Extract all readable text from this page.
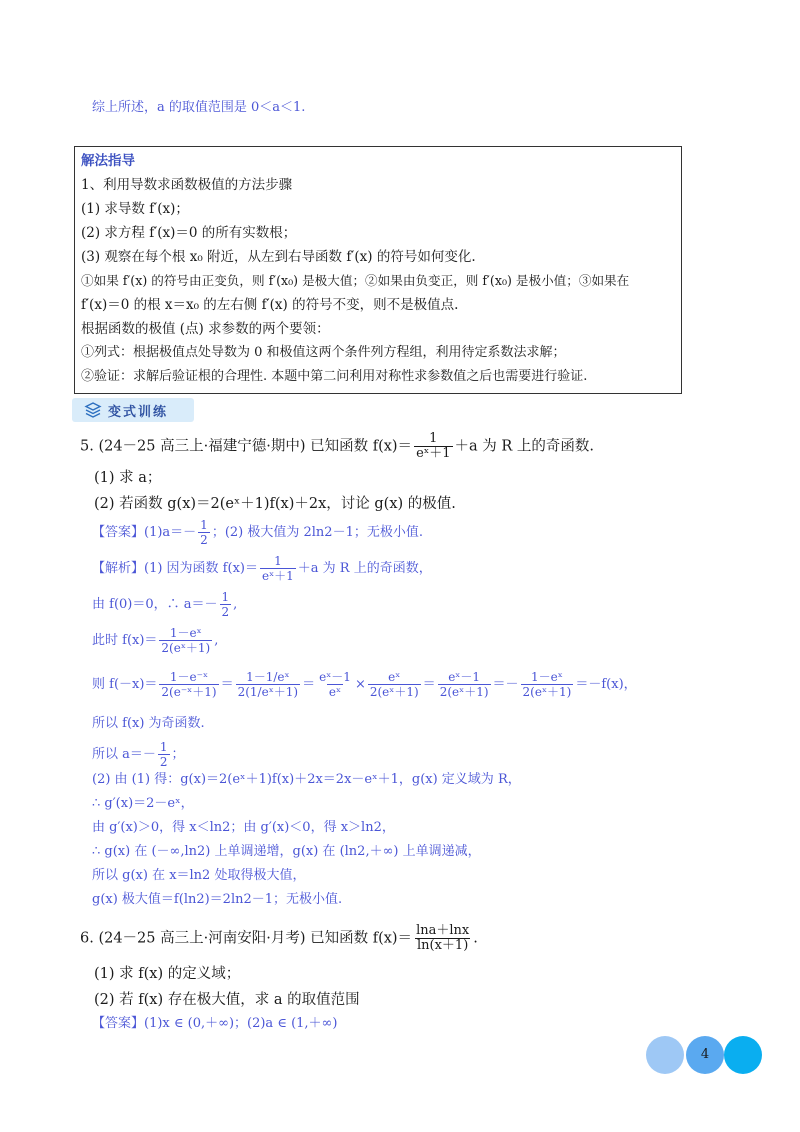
综上所述，a 的取值范围是 0＜a＜1.
解法指导
1、利用导数求函数极值的方法步骤
(1) 求导数 f′(x)；
(2) 求方程 f′(x)＝0 的所有实数根；
(3) 观察在每个根 x₀ 附近，从左到右导函数 f′(x) 的符号如何变化.
①如果 f′(x) 的符号由正变负，则 f′(x₀) 是极大值；②如果由负变正，则 f′(x₀) 是极小值；③如果在
f′(x)＝0 的根 x＝x₀ 的左右侧 f′(x) 的符号不变，则不是极值点.
根据函数的极值 (点) 求参数的两个要领：
①列式：根据极值点处导数为 0 和极值这两个条件列方程组，利用待定系数法求解；
②验证：求解后验证根的合理性. 本题中第二问利用对称性求参数值之后也需要进行验证.
变式训练
5. (24－25 高三上·福建宁德·期中) 已知函数 $f(x)= \frac{1}{\text{eˣ＋1}} +a$ 为 R 上的奇函数.
(1) 求 a；
(2) 若函数 g(x)＝2(eˣ＋1)f(x)＋2x，讨论 g(x) 的极值.
【答案】$(1)a=- \frac{1}{2}$ ；(2) 极大值为 2ln2－1；无极小值.
【解析】(1) 因为函数 $f(x)= \frac{1}{\text{eˣ＋1}} +a$ 为 R 上的奇函数，
由 f(0)＝0，∴ $a=- \frac{1}{2}$ ,
此时 $f(x)= \frac{\text{1－eˣ}}{\text{2(eˣ＋1)}}$ ,
则 $f(-x)= \frac{\text{1－e⁻ˣ}}{\text{2(e⁻ˣ＋1)}} = \frac{\text{1－1/eˣ}}{\text{2(1/eˣ＋1)}} = \frac{\text{eˣ－1}}{\text{eˣ}} \times \frac{\text{eˣ}}{\text{2(eˣ＋1)}} = \frac{\text{eˣ－1}}{\text{2(eˣ＋1)}} =- \frac{\text{1－eˣ}}{\text{2(eˣ＋1)}} =-f(x)$，
所以 f(x) 为奇函数.
所以 $a=- \frac{1}{2}$ ；
(2) 由 (1) 得：g(x)＝2(eˣ＋1)f(x)＋2x＝2x－eˣ＋1，g(x) 定义域为 R，
∴ g′(x)＝2－eˣ，
由 g′(x)＞0，得 x＜ln2；由 g′(x)＜0，得 x＞ln2，
∴ g(x) 在 (－∞,ln2) 上单调递增，g(x) 在 (ln2,＋∞) 上单调递减，
所以 g(x) 在 x＝ln2 处取得极大值，
g(x) 极大值＝f(ln2)＝2ln2－1；无极小值.
6. (24－25 高三上·河南安阳·月考) 已知函数 $f(x)= \frac{\ln a+\ln x}{\ln(x+1)}$ .
(1) 求 f(x) 的定义域；
(2) 若 f(x) 存在极大值，求 a 的取值范围
【答案】(1)x ∈ (0,＋∞)；(2)a ∈ (1,＋∞)
4
